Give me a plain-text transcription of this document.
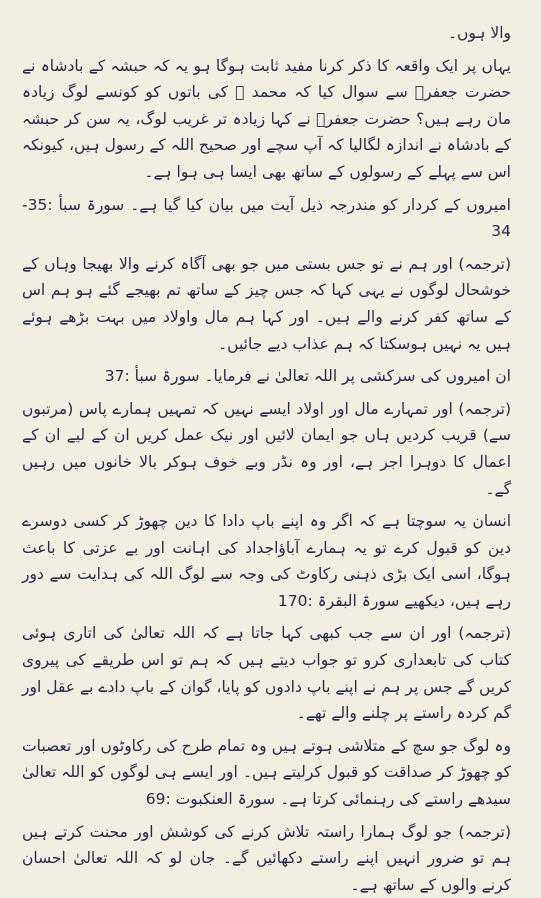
والا ہوں۔

یہاں پر ایک واقعہ کا ذکر کرنا مفید ثابت ہوگا ہو یہ کہ حبشہ کے بادشاہ نے حضرت جعفرؓ سے سوال کیا کہ محمد ﷺ کی باتوں کو کونسے لوگ زیادہ مان رہے ہیں؟ حضرت جعفرؓ نے کہا زیادہ تر غریب لوگ، یہ سن کر حبشہ کے بادشاہ نے اندازہ لگالیا کہ آپ سچے اور صحیح اللہ کے رسول ہیں، کیونکہ اس سے پہلے کے رسولوں کے ساتھ بھی ایسا ہی ہوا ہے۔

امیروں کے کردار کو مندرجہ ذیل آیت میں بیان کیا گیا ہے۔ سورۃ سبأ :35-34

(ترجمہ) اور ہم نے تو جس بستی میں جو بھی آگاہ کرنے والا بھیجا وہاں کے خوشحال لوگوں نے یہی کہا کہ جس چیز کے ساتھ تم بھیجے گئے ہو ہم اس کے ساتھ کفر کرنے والے ہیں۔ اور کہا ہم مال واولاد میں بہت بڑھے ہوئے ہیں یہ نہیں ہوسکتا کہ ہم عذاب دیے جائیں۔

ان امیروں کی سرکشی پر اللہ تعالیٰ نے فرمایا۔ سورۃ سبأ :37

(ترجمہ) اور تمہارے مال اور اولاد ایسے نہیں کہ تمہیں ہمارے پاس (مرتبوں سے) قریب کردیں ہاں جو ایمان لائیں اور نیک عمل کریں ان کے لیے ان کے اعمال کا دوہرا اجر ہے، اور وہ نڈر وبے خوف ہوکر بالا خانوں میں رہیں گے۔

انسان یہ سوچتا ہے کہ اگر وہ اپنے باپ دادا کا دین چھوڑ کر کسی دوسرے دین کو قبول کرے تو یہ ہمارے آباؤاجداد کی اہانت اور بے عزتی کا باعث ہوگا، اسی ایک بڑی ذہنی رکاوٹ کی وجہ سے لوگ اللہ کی ہدایت سے دور رہے ہیں، دیکھیے سورۃ البقرۃ :170

(ترجمہ) اور ان سے جب کبھی کہا جاتا ہے کہ اللہ تعالیٰ کی اتاری ہوئی کتاب کی تابعداری کرو تو جواب دیتے ہیں کہ ہم تو اس طریقے کی پیروی کریں گے جس پر ہم نے اپنے باپ دادوں کو پایا، گوان کے باپ دادے بے عقل اور گم کردہ راستے پر چلنے والے تھے۔

وہ لوگ جو سچ کے متلاشی ہوتے ہیں وہ تمام طرح کی رکاوٹوں اور تعصبات کو چھوڑ کر صداقت کو قبول کرلیتے ہیں۔ اور ایسے ہی لوگوں کو اللہ تعالیٰ سیدھے راستے کی رہنمائی کرتا ہے۔ سورۃ العنکبوت :69

(ترجمہ) جو لوگ ہمارا راستہ تلاش کرنے کی کوشش اور محنت کرتے ہیں ہم تو ضرور انہیں اپنے راستے دکھائیں گے۔ جان لو کہ اللہ تعالیٰ احسان کرنے والوں کے ساتھ ہے۔
